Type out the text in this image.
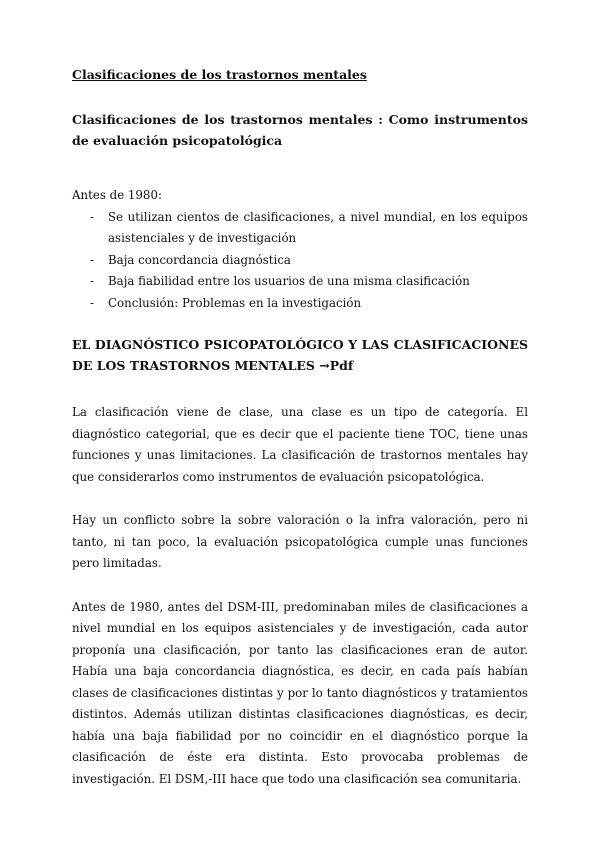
Clasificaciones de los trastornos mentales
Clasificaciones de los trastornos mentales : Como instrumentos de evaluación psicopatológica

Antes de 1980:

- Se utilizan cientos de clasificaciones, a nivel mundial, en los equipos asistenciales y de investigación
- Baja concordancia diagnóstica
- Baja fiabilidad entre los usuarios de una misma clasificación
- Conclusión: Problemas en la investigación
EL DIAGNÓSTICO PSICOPATOLÓGICO Y LAS CLASIFICACIONES DE LOS TRASTORNOS MENTALES →Pdf

La clasificación viene de clase, una clase es un tipo de categoría. El diagnóstico categorial, que es decir que el paciente tiene TOC, tiene unas funciones y unas limitaciones. La clasificación de trastornos mentales hay que considerarlos como instrumentos de evaluación psicopatológica.

Hay un conflicto sobre la sobre valoración o la infra valoración, pero ni tanto, ni tan poco, la evaluación psicopatológica cumple unas funciones pero limitadas.

Antes de 1980, antes del DSM-III, predominaban miles de clasificaciones a nivel mundial en los equipos asistenciales y de investigación, cada autor proponía una clasificación, por tanto las clasificaciones eran de autor. Había una baja concordancia diagnóstica, es decir, en cada país habían clases de clasificaciones distintas y por lo tanto diagnósticos y tratamientos distintos. Además utilizan distintas clasificaciones diagnósticas, es decir, había una baja fiabilidad por no coincidir en el diagnóstico porque la clasificación de éste era distinta. Esto provocaba problemas de investigación. El DSM,-III hace que todo una clasificación sea comunitaria.
